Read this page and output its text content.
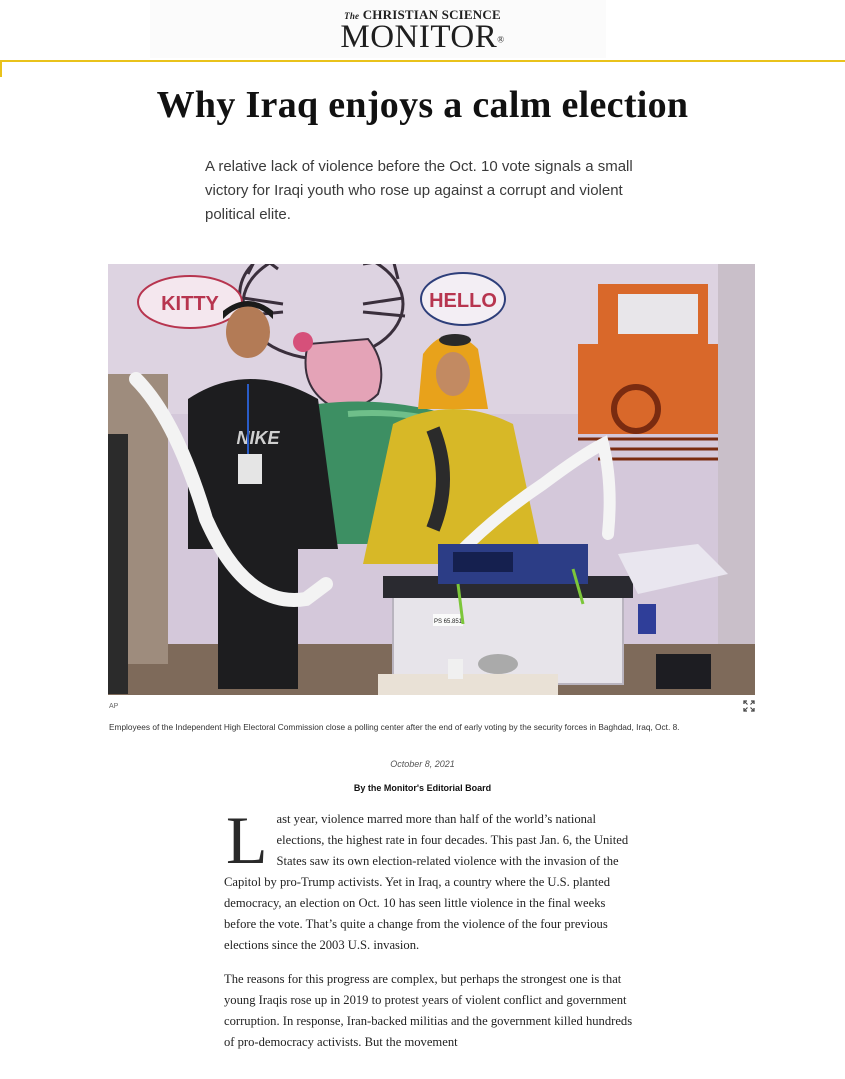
The CHRISTIAN SCIENCE
MONITOR®
Why Iraq enjoys a calm election

A relative lack of violence before the Oct. 10 vote signals a small victory for Iraqi youth who rose up against a corrupt and violent political elite.

KITTY	HELLO
NIKE
PS 65.851
AP

Employees of the Independent High Electoral Commission close a polling center after the end of early voting by the security forces in Baghdad, Iraq, Oct. 8.

October 8, 2021
By the Monitor's Editorial Board

Last year, violence marred more than half of the world’s national elections, the highest rate in four decades. This past Jan. 6, the United States saw its own election-related violence with the invasion of the Capitol by pro-Trump activists. Yet in Iraq, a country where the U.S. planted democracy, an election on Oct. 10 has seen little violence in the final weeks before the vote. That’s quite a change from the violence of the four previous elections since the 2003 U.S. invasion.

The reasons for this progress are complex, but perhaps the strongest one is that young Iraqis rose up in 2019 to protest years of violent conflict and government corruption. In response, Iran-backed militias and the government killed hundreds of pro-democracy activists. But the movement
